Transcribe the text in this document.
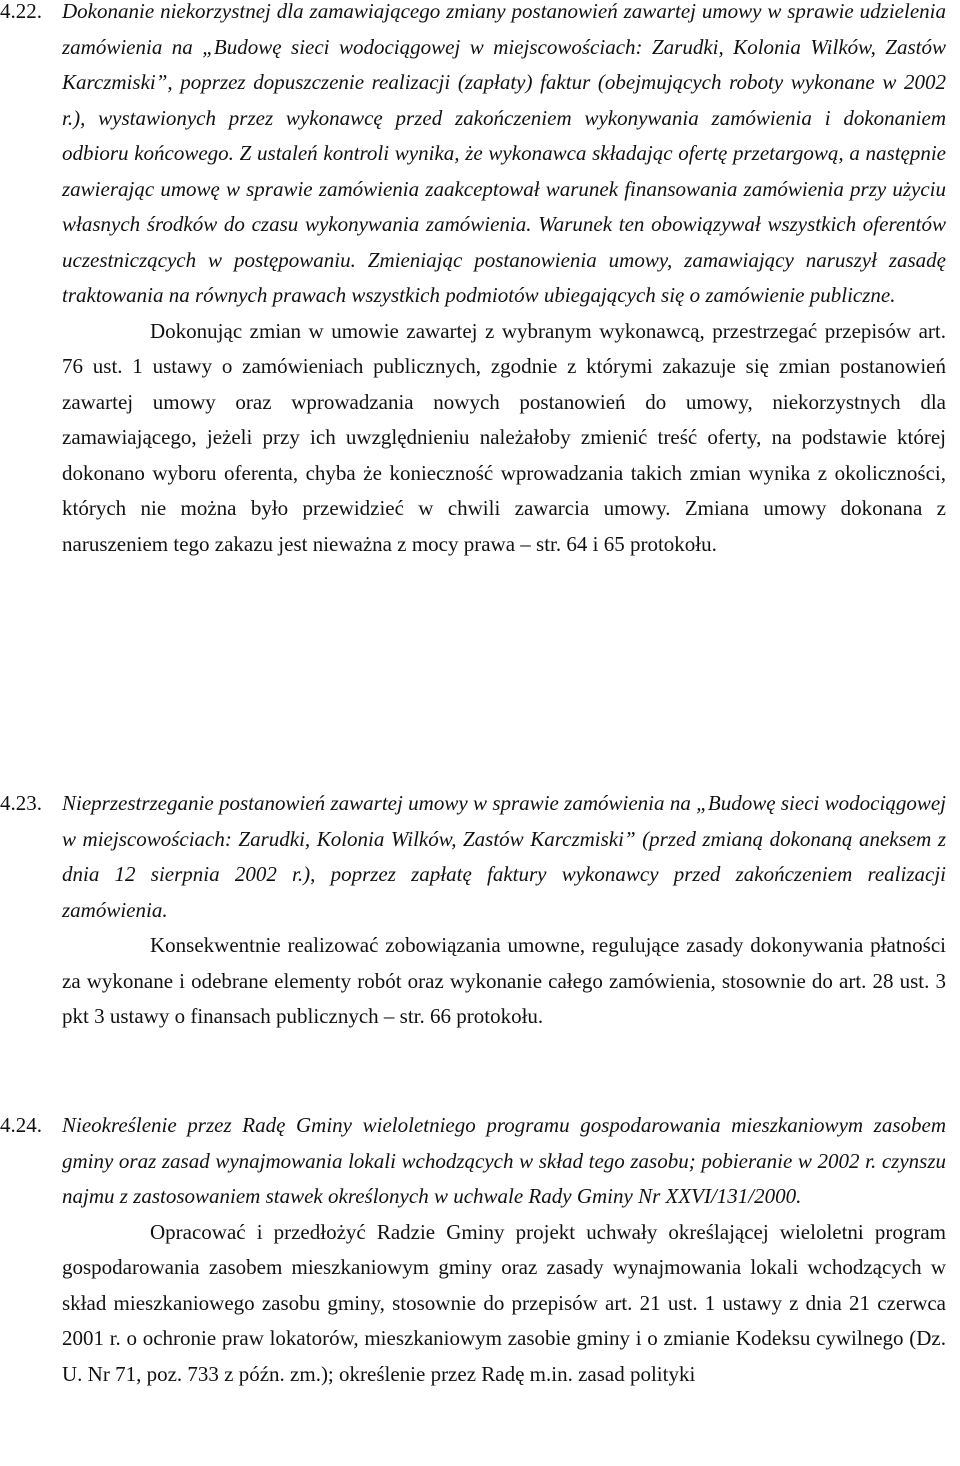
4.22. Dokonanie niekorzystnej dla zamawiającego zmiany postanowień zawartej umowy w sprawie udzielenia zamówienia na „Budowę sieci wodociągowej w miejscowościach: Zarudki, Kolonia Wilków, Zastów Karczmiski”, poprzez dopuszczenie realizacji (zapłaty) faktur (obejmujących roboty wykonane w 2002 r.), wystawionych przez wykonawcę przed zakończeniem wykonywania zamówienia i dokonaniem odbioru końcowego. Z ustaleń kontroli wynika, że wykonawca składając ofertę przetargową, a następnie zawierając umowę w sprawie zamówienia zaakceptował warunek finansowania zamówienia przy użyciu własnych środków do czasu wykonywania zamówienia. Warunek ten obowiązywał wszystkich oferentów uczestniczących w postępowaniu. Zmieniając postanowienia umowy, zamawiający naruszył zasadę traktowania na równych prawach wszystkich podmiotów ubiegających się o zamówienie publiczne.

Dokonując zmian w umowie zawartej z wybranym wykonawcą, przestrzegać przepisów art. 76 ust. 1 ustawy o zamówieniach publicznych, zgodnie z którymi zakazuje się zmian postanowień zawartej umowy oraz wprowadzania nowych postanowień do umowy, niekorzystnych dla zamawiającego, jeżeli przy ich uwzględnieniu należałoby zmienić treść oferty, na podstawie której dokonano wyboru oferenta, chyba że konieczność wprowadzania takich zmian wynika z okoliczności, których nie można było przewidzieć w chwili zawarcia umowy. Zmiana umowy dokonana z naruszeniem tego zakazu jest nieważna z mocy prawa – str. 64 i 65 protokołu.

4.23. Nieprzestrzeganie postanowień zawartej umowy w sprawie zamówienia na „Budowę sieci wodociągowej w miejscowościach: Zarudki, Kolonia Wilków, Zastów Karczmiski” (przed zmianą dokonaną aneksem z dnia 12 sierpnia 2002 r.), poprzez zapłatę faktury wykonawcy przed zakończeniem realizacji zamówienia.

Konsekwentnie realizować zobowiązania umowne, regulujące zasady dokonywania płatności za wykonane i odebrane elementy robót oraz wykonanie całego zamówienia, stosownie do art. 28 ust. 3 pkt 3 ustawy o finansach publicznych – str. 66 protokołu.

4.24. Nieokreślenie przez Radę Gminy wieloletniego programu gospodarowania mieszkaniowym zasobem gminy oraz zasad wynajmowania lokali wchodzących w skład tego zasobu; pobieranie w 2002 r. czynszu najmu z zastosowaniem stawek określonych w uchwale Rady Gminy Nr XXVI/131/2000.

Opracować i przedłożyć Radzie Gminy projekt uchwały określającej wieloletni program gospodarowania zasobem mieszkaniowym gminy oraz zasady wynajmowania lokali wchodzących w skład mieszkaniowego zasobu gminy, stosownie do przepisów art. 21 ust. 1 ustawy z dnia 21 czerwca 2001 r. o ochronie praw lokatorów, mieszkaniowym zasobie gminy i o zmianie Kodeksu cywilnego (Dz. U. Nr 71, poz. 733 z późn. zm.); określenie przez Radę m.in. zasad polityki
